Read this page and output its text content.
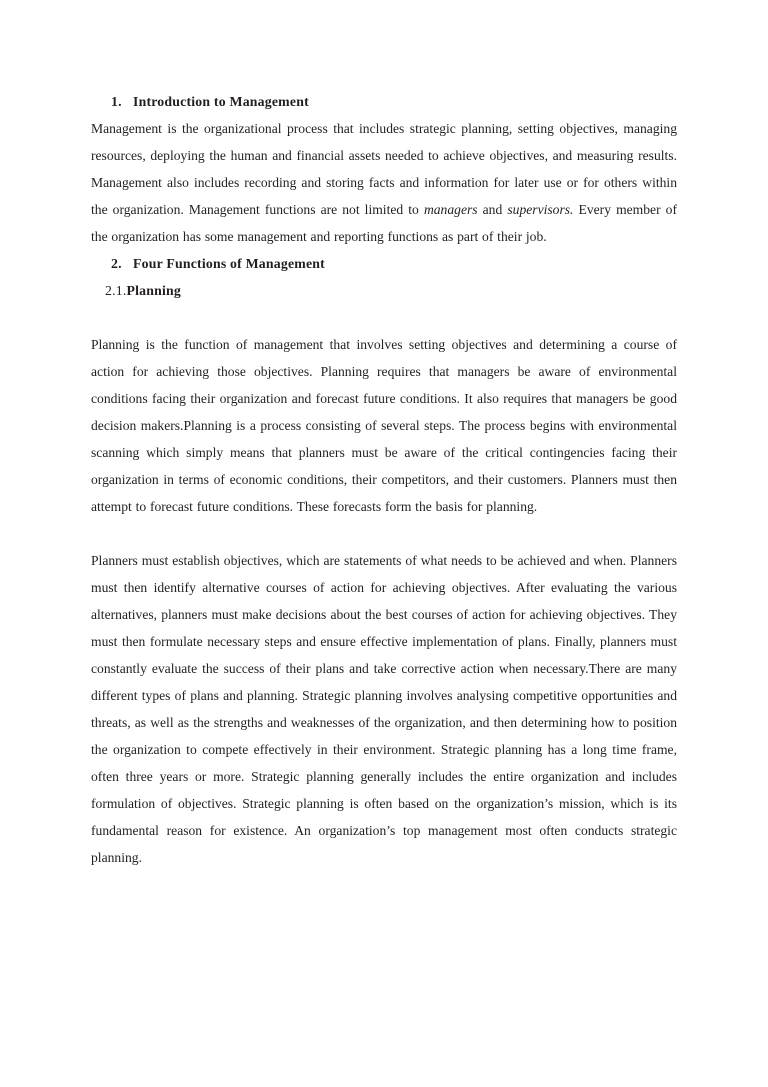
1. Introduction to Management

Management is the organizational process that includes strategic planning, setting objectives, managing resources, deploying the human and financial assets needed to achieve objectives, and measuring results. Management also includes recording and storing facts and information for later use or for others within the organization. Management functions are not limited to managers and supervisors. Every member of the organization has some management and reporting functions as part of their job.

2. Four Functions of Management
2.1.Planning

Planning is the function of management that involves setting objectives and determining a course of action for achieving those objectives. Planning requires that managers be aware of environmental conditions facing their organization and forecast future conditions. It also requires that managers be good decision makers.Planning is a process consisting of several steps. The process begins with environmental scanning which simply means that planners must be aware of the critical contingencies facing their organization in terms of economic conditions, their competitors, and their customers. Planners must then attempt to forecast future conditions. These forecasts form the basis for planning.

Planners must establish objectives, which are statements of what needs to be achieved and when. Planners must then identify alternative courses of action for achieving objectives. After evaluating the various alternatives, planners must make decisions about the best courses of action for achieving objectives. They must then formulate necessary steps and ensure effective implementation of plans. Finally, planners must constantly evaluate the success of their plans and take corrective action when necessary.There are many different types of plans and planning. Strategic planning involves analysing competitive opportunities and threats, as well as the strengths and weaknesses of the organization, and then determining how to position the organization to compete effectively in their environment. Strategic planning has a long time frame, often three years or more. Strategic planning generally includes the entire organization and includes formulation of objectives. Strategic planning is often based on the organization’s mission, which is its fundamental reason for existence. An organization’s top management most often conducts strategic planning.
